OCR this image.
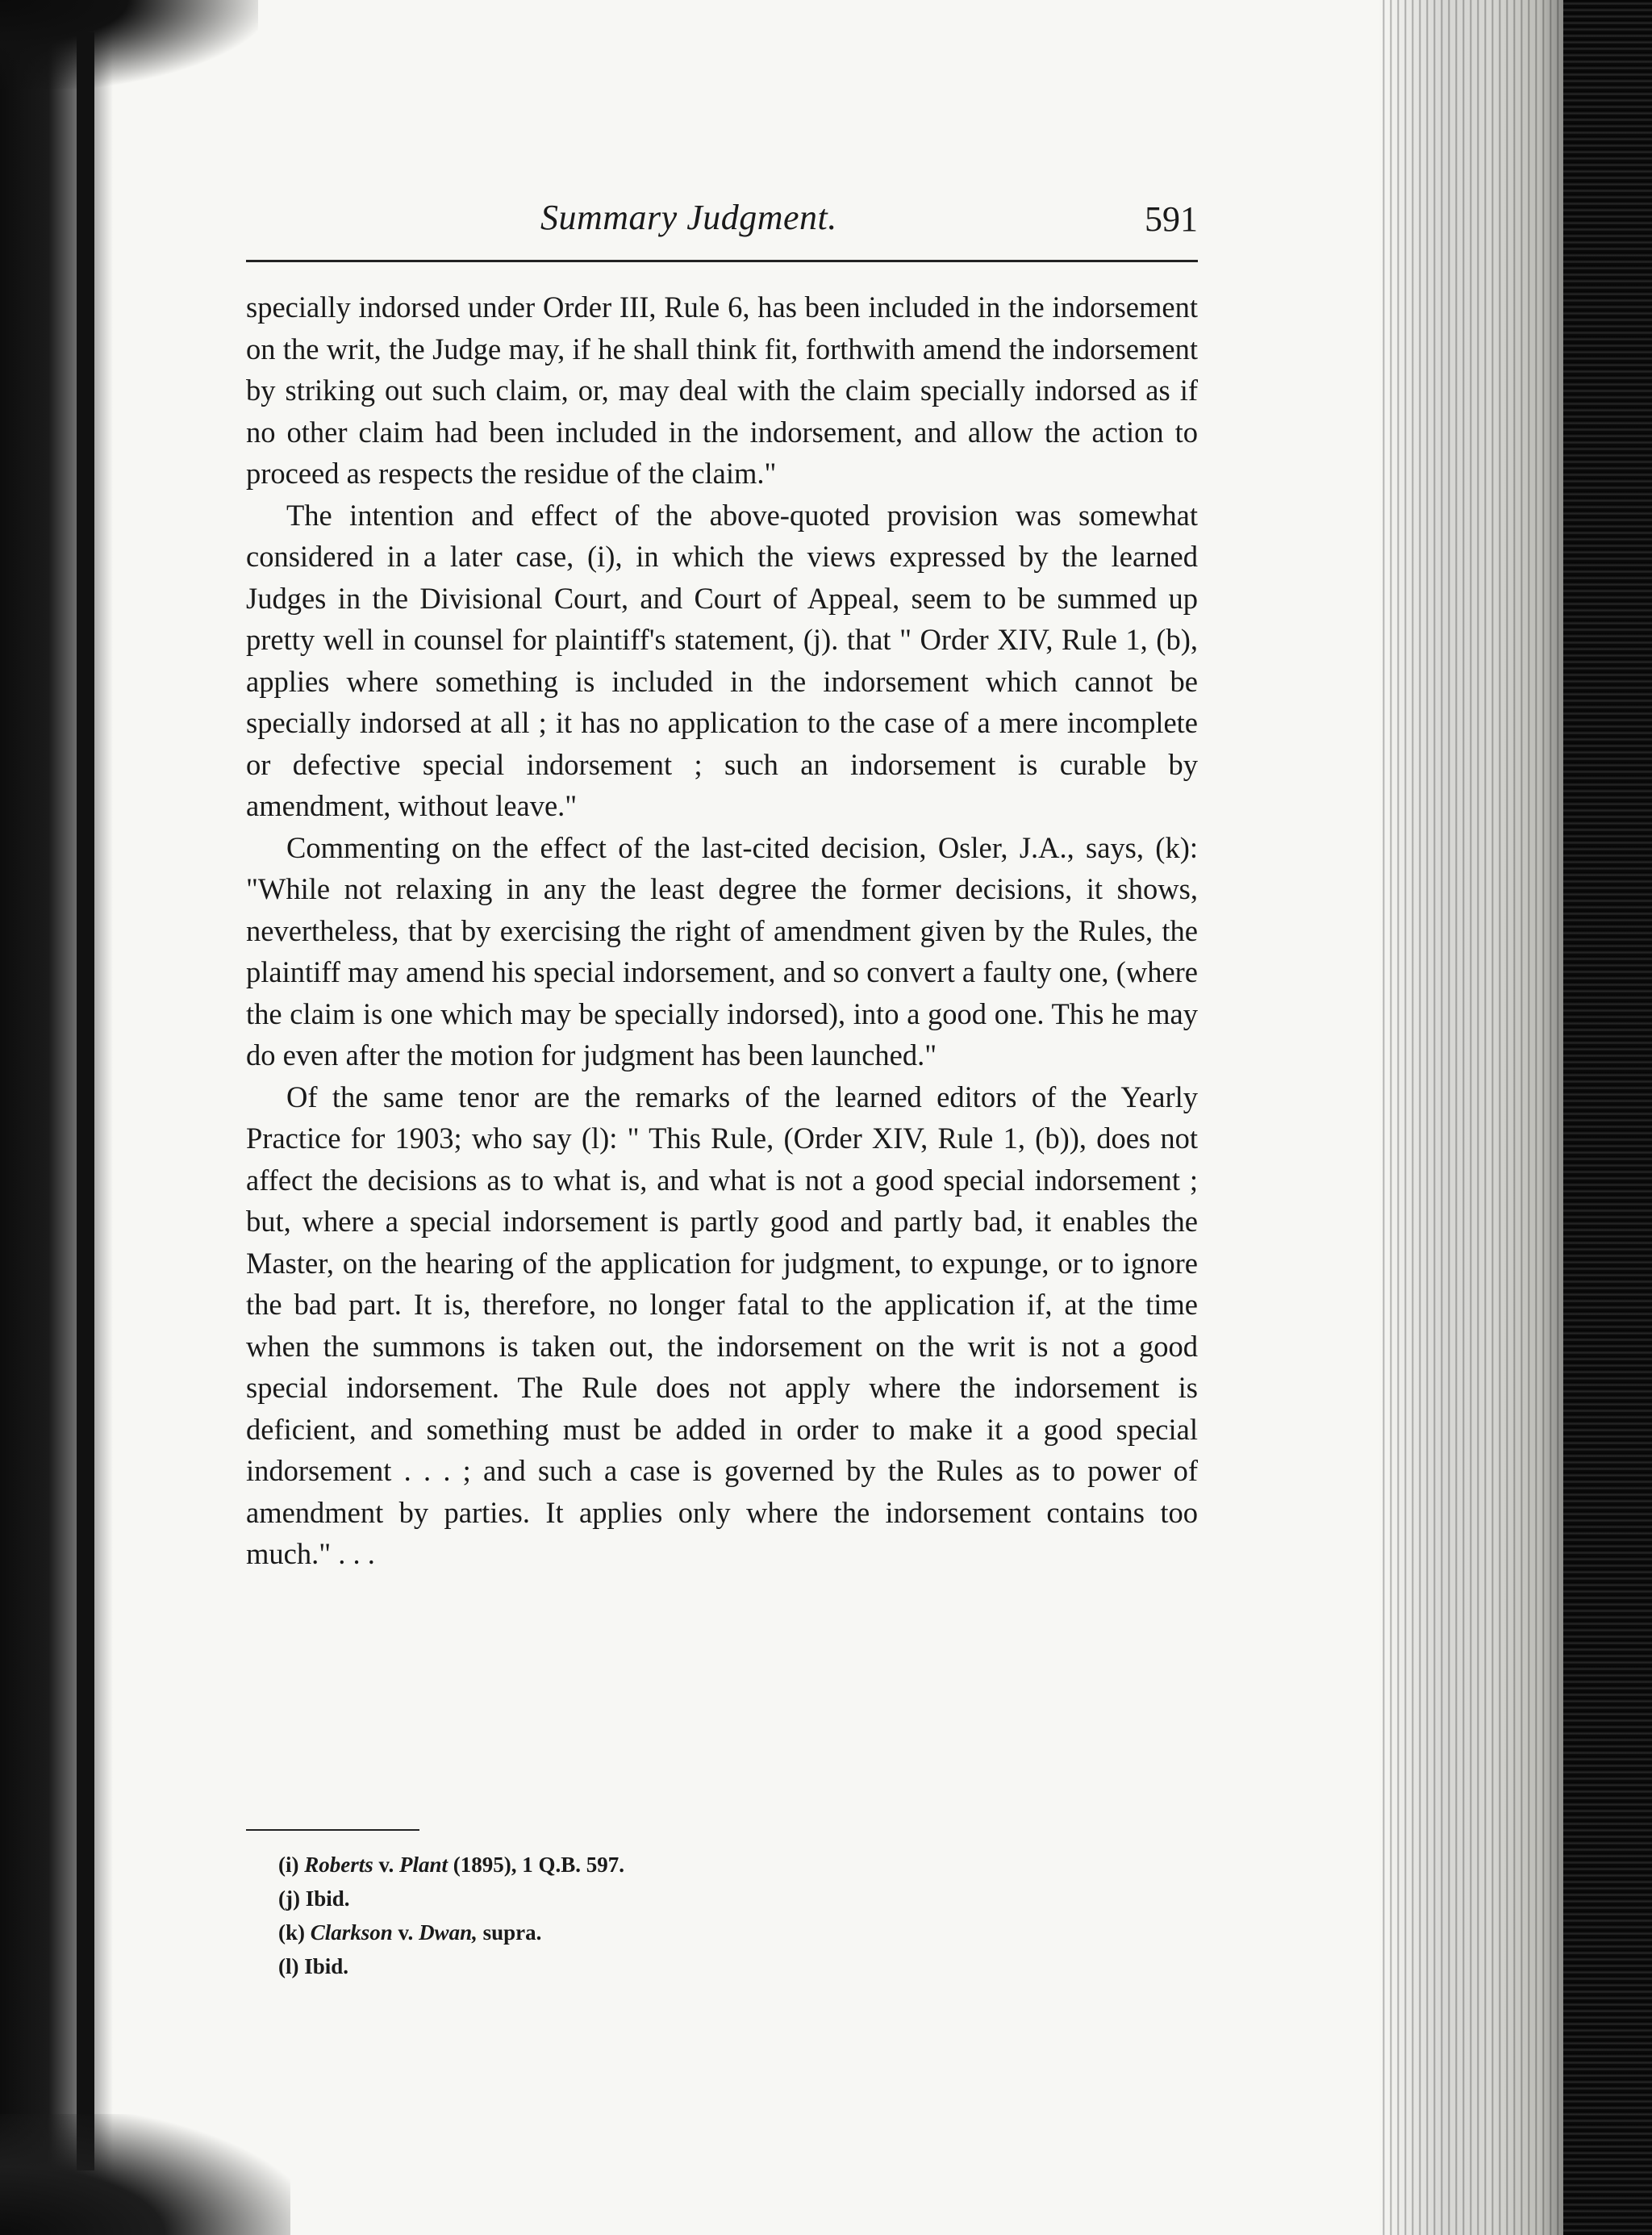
Summary Judgment.	591

specially indorsed under Order III, Rule 6, has been included in the indorsement on the writ, the Judge may, if he shall think fit, forthwith amend the indorsement by striking out such claim, or, may deal with the claim specially indorsed as if no other claim had been included in the indorsement, and allow the action to proceed as respects the residue of the claim."

The intention and effect of the above-quoted provision was somewhat considered in a later case, (i), in which the views expressed by the learned Judges in the Divisional Court, and Court of Appeal, seem to be summed up pretty well in counsel for plaintiff's statement, (j). that " Order XIV, Rule 1, (b), applies where something is included in the indorsement which cannot be specially indorsed at all ; it has no application to the case of a mere incomplete or defective special indorsement ; such an indorsement is curable by amendment, without leave."

Commenting on the effect of the last-cited decision, Osler, J.A., says, (k): "While not relaxing in any the least degree the former decisions, it shows, nevertheless, that by exercising the right of amendment given by the Rules, the plaintiff may amend his special indorsement, and so convert a faulty one, (where the claim is one which may be specially indorsed), into a good one. This he may do even after the motion for judgment has been launched."

Of the same tenor are the remarks of the learned editors of the Yearly Practice for 1903; who say (l): " This Rule, (Order XIV, Rule 1, (b)), does not affect the decisions as to what is, and what is not a good special indorsement ; but, where a special indorsement is partly good and partly bad, it enables the Master, on the hearing of the application for judgment, to expunge, or to ignore the bad part. It is, therefore, no longer fatal to the application if, at the time when the summons is taken out, the indorsement on the writ is not a good special indorsement. The Rule does not apply where the indorsement is deficient, and something must be added in order to make it a good special indorsement . . . ; and such a case is governed by the Rules as to power of amendment by parties. It applies only where the indorsement contains too much." . . .

(i) Roberts v. Plant (1895), 1 Q.B. 597.
(j) Ibid.
(k) Clarkson v. Dwan, supra.
(l) Ibid.
